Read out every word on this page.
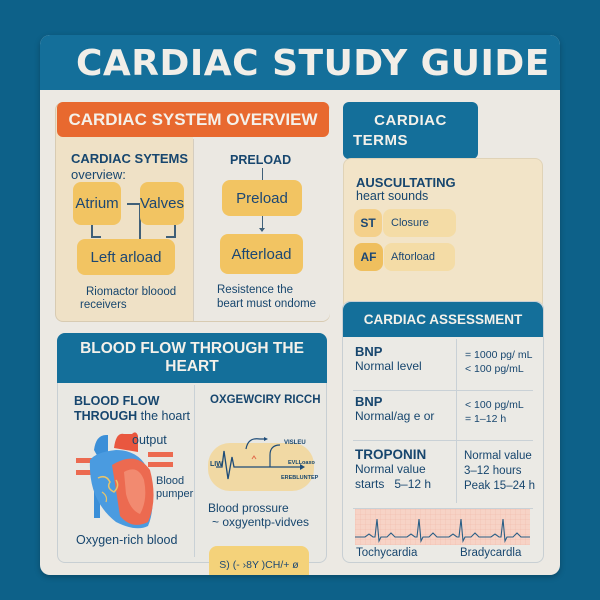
CARDIAC STUDY GUIDE
CARDIAC SYSTEM OVERVIEW
CARDIAC SYTEMS
overview:
Atrium Valves
Left arload
Riomactor bloood
receivers
PRELOAD
Preload
Afterload
Resistence the
beart must ondome
CARDIAC
TERMS
AUSCULTATING
heart sounds
ST Closure
AF Aftorload
BLOOD FLOW THROUGH THE
HEART
BLOOD FLOW
THROUGH the hoart
output
Blood
pumper
Oxygen-rich blood
OXGEWCIRY RICCH
LIW
VISLEU
EVLLoaxo
EREBLUNTEP
Blood prossure
~ oxgyentp-vidves
S) (- ›8Y )CH/+ ø
CARDIAC ASSESSMENT
BNP
Normal level
= 1000 pg/ mL
< 100 pg/mL
BNP
Normal/ag e or
< 100 pg/mL
= 1–12 h
TROPONIN
Normal value
starts   5–12 h
Normal value
3–12 hours
Peak 15–24 h
Tochycardia	Bradycardla
